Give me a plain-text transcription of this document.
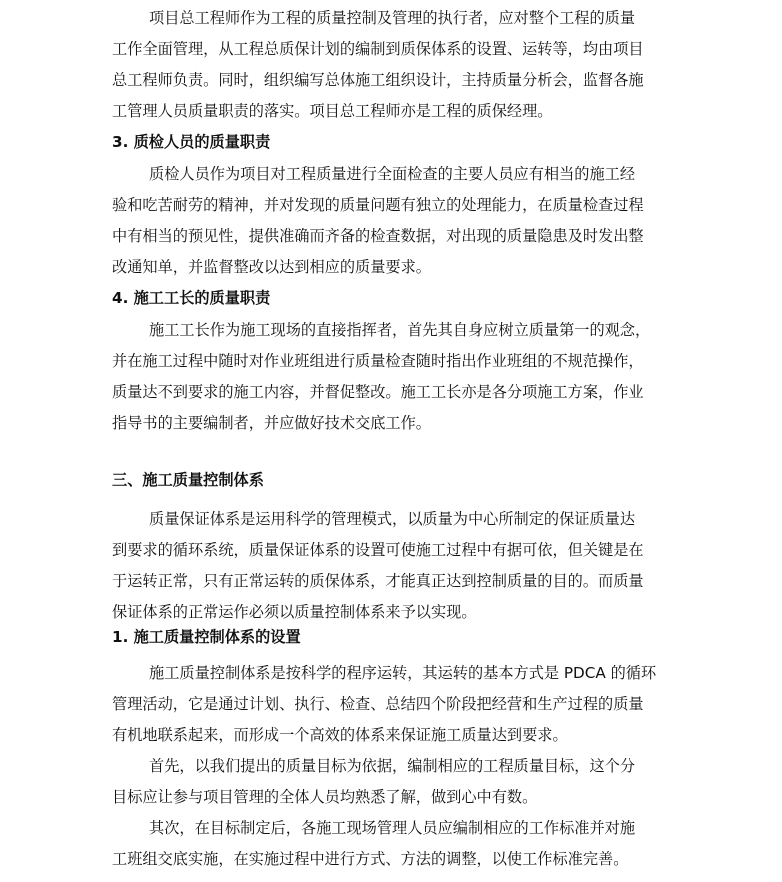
项目总工程师作为工程的质量控制及管理的执行者，应对整个工程的质量
工作全面管理，从工程总质保计划的编制到质保体系的设置、运转等，均由项目
总工程师负责。同时，组织编写总体施工组织设计，主持质量分析会，监督各施
工管理人员质量职责的落实。项目总工程师亦是工程的质保经理。
3. 质检人员的质量职责
质检人员作为项目对工程质量进行全面检查的主要人员应有相当的施工经
验和吃苦耐劳的精神，并对发现的质量问题有独立的处理能力，在质量检查过程
中有相当的预见性，提供准确而齐备的检查数据，对出现的质量隐患及时发出整
改通知单，并监督整改以达到相应的质量要求。
4. 施工工长的质量职责
施工工长作为施工现场的直接指挥者，首先其自身应树立质量第一的观念，
并在施工过程中随时对作业班组进行质量检查随时指出作业班组的不规范操作，
质量达不到要求的施工内容，并督促整改。施工工长亦是各分项施工方案，作业
指导书的主要编制者，并应做好技术交底工作。
三、施工质量控制体系
质量保证体系是运用科学的管理模式，以质量为中心所制定的保证质量达
到要求的循环系统，质量保证体系的设置可使施工过程中有据可依，但关键是在
于运转正常，只有正常运转的质保体系，才能真正达到控制质量的目的。而质量
保证体系的正常运作必须以质量控制体系来予以实现。
1. 施工质量控制体系的设置
施工质量控制体系是按科学的程序运转，其运转的基本方式是 PDCA 的循环
管理活动，它是通过计划、执行、检查、总结四个阶段把经营和生产过程的质量
有机地联系起来，而形成一个高效的体系来保证施工质量达到要求。
首先，以我们提出的质量目标为依据，编制相应的工程质量目标，这个分
目标应让参与项目管理的全体人员均熟悉了解，做到心中有数。
其次，在目标制定后，各施工现场管理人员应编制相应的工作标准并对施
工班组交底实施，在实施过程中进行方式、方法的调整，以使工作标准完善。
